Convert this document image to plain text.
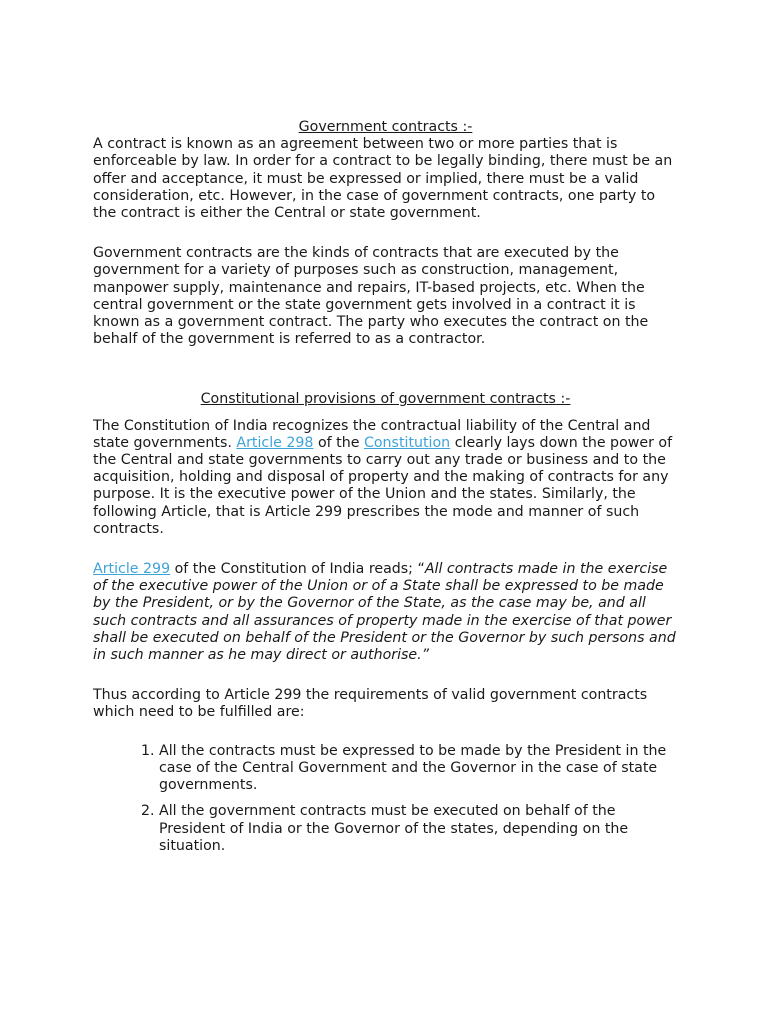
Government contracts :-

A contract is known as an agreement between two or more parties that is enforceable by law. In order for a contract to be legally binding, there must be an offer and acceptance, it must be expressed or implied, there must be a valid consideration, etc. However, in the case of government contracts, one party to the contract is either the Central or state government.

Government contracts are the kinds of contracts that are executed by the government for a variety of purposes such as construction, management, manpower supply, maintenance and repairs, IT-based projects, etc. When the central government or the state government gets involved in a contract it is known as a government contract. The party who executes the contract on the behalf of the government is referred to as a contractor.

Constitutional provisions of government contracts :-

The Constitution of India recognizes the contractual liability of the Central and state governments. Article 298 of the Constitution clearly lays down the power of the Central and state governments to carry out any trade or business and to the acquisition, holding and disposal of property and the making of contracts for any purpose. It is the executive power of the Union and the states. Similarly, the following Article, that is Article 299 prescribes the mode and manner of such contracts.

Article 299 of the Constitution of India reads; “All contracts made in the exercise of the executive power of the Union or of a State shall be expressed to be made by the President, or by the Governor of the State, as the case may be, and all such contracts and all assurances of property made in the exercise of that power shall be executed on behalf of the President or the Governor by such persons and in such manner as he may direct or authorise.”

Thus according to Article 299 the requirements of valid government contracts which need to be fulfilled are:

1. All the contracts must be expressed to be made by the President in the case of the Central Government and the Governor in the case of state governments.
2. All the government contracts must be executed on behalf of the President of India or the Governor of the states, depending on the situation.
